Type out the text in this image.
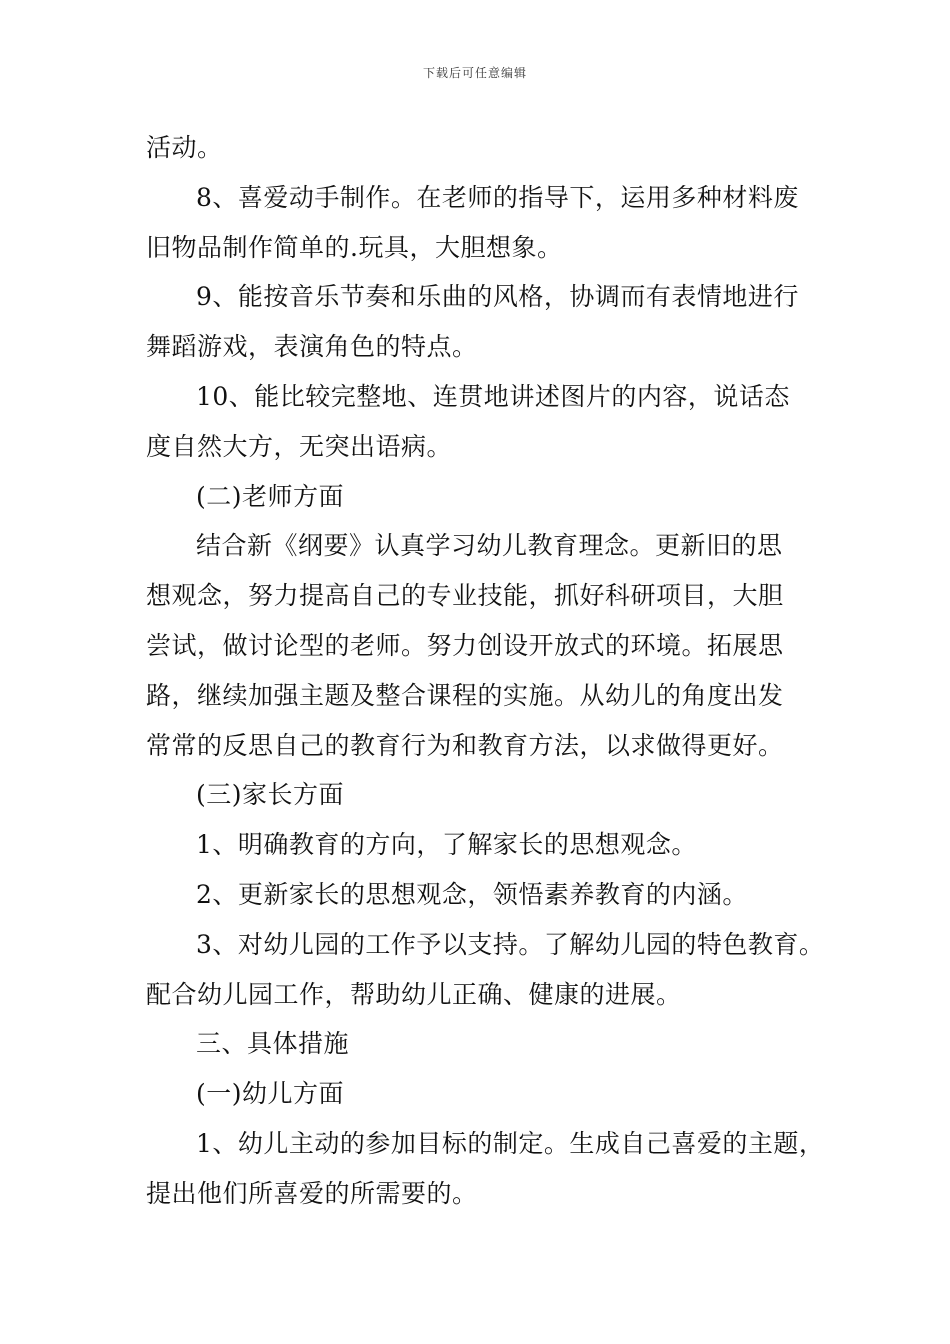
下载后可任意编辑
活动。
8、喜爱动手制作。在老师的指导下，运用多种材料废
旧物品制作简单的.玩具，大胆想象。
9、能按音乐节奏和乐曲的风格，协调而有表情地进行
舞蹈游戏，表演角色的特点。
10、能比较完整地、连贯地讲述图片的内容，说话态
度自然大方，无突出语病。
(二)老师方面
结合新《纲要》认真学习幼儿教育理念。更新旧的思
想观念，努力提高自己的专业技能，抓好科研项目，大胆
尝试，做讨论型的老师。努力创设开放式的环境。拓展思
路，继续加强主题及整合课程的实施。从幼儿的角度出发
常常的反思自己的教育行为和教育方法，以求做得更好。
(三)家长方面
1、明确教育的方向，了解家长的思想观念。
2、更新家长的思想观念，领悟素养教育的内涵。
3、对幼儿园的工作予以支持。了解幼儿园的特色教育。
配合幼儿园工作，帮助幼儿正确、健康的进展。
三、具体措施
(一)幼儿方面
1、幼儿主动的参加目标的制定。生成自己喜爱的主题，
提出他们所喜爱的所需要的。
